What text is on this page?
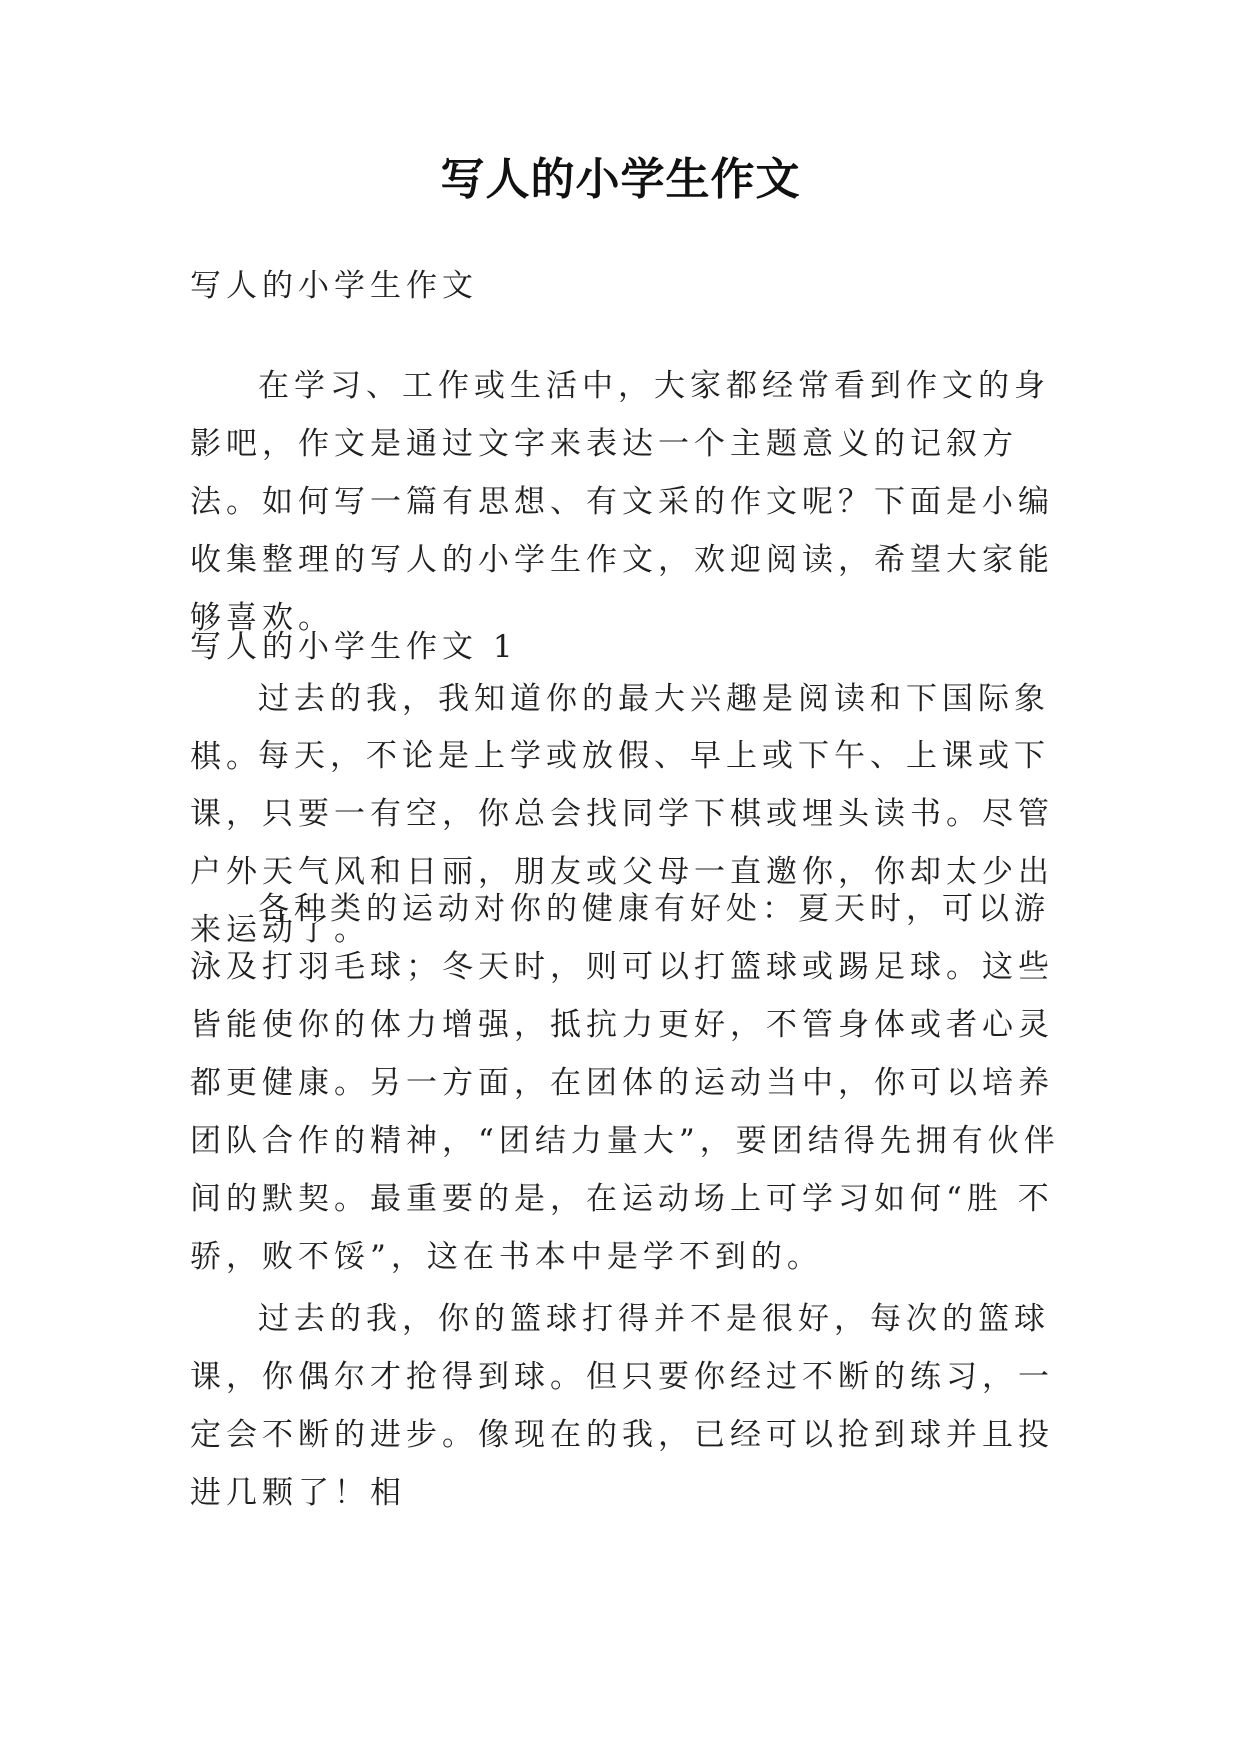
写人的小学生作文

写人的小学生作文

在学习、工作或生活中，大家都经常看到作文的身影吧，作文是通过文字来表达一个主题意义的记叙方法。如何写一篇有思想、有文采的作文呢？下面是小编收集整理的写人的小学生作文，欢迎阅读，希望大家能够喜欢。

写人的小学生作文 1

过去的我，我知道你的最大兴趣是阅读和下国际象棋。

每天，不论是上学或放假、早上或下午、上课或下课，只要一有空，你总会找同学下棋或埋头读书。尽管户外天气风和日丽，朋友或父母一直邀你，你却太少出来运动了。

各种类的运动对你的健康有好处：夏天时，可以游泳及打羽毛球；冬天时，则可以打篮球或踢足球。这些皆能使你的体力增强，抵抗力更好，不管身体或者心灵都更健康。另一方面，在团体的运动当中，你可以培养团队合作的精神，“团结力量大”，要团结得先拥有伙伴间的默契。最重要的是，在运动场上可学习如何“胜 不骄，败不馁”，这在书本中是学不到的。

过去的我，你的篮球打得并不是很好，每次的篮球课，你偶尔才抢得到球。但只要你经过不断的练习，一定会不断的进步。像现在的我，已经可以抢到球并且投进几颗了！相
